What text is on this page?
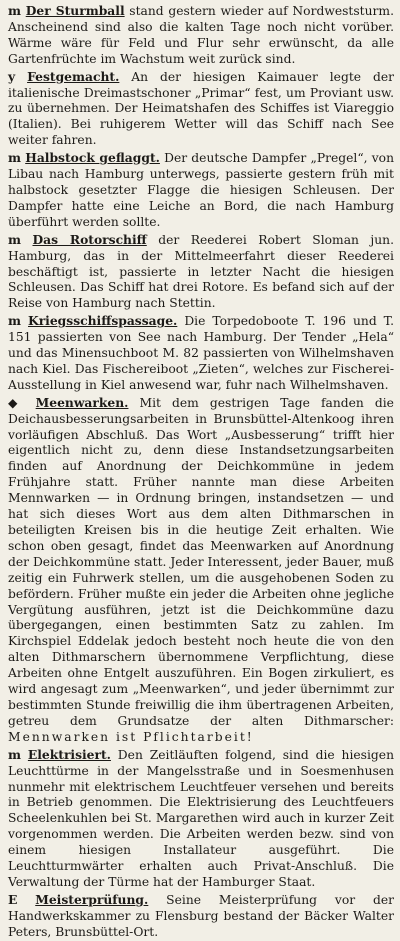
m Der Sturmball stand gestern wieder auf Nordweststurm. Anscheinend sind also die kalten Tage noch nicht vorüber. Wärme wäre für Feld und Flur sehr erwünscht, da alle Gartenfrüchte im Wachstum weit zurück sind.

y Festgemacht. An der hiesigen Kaimauer legte der italienische Dreimastschoner „Primar“ fest, um Proviant usw. zu übernehmen. Der Heimatshafen des Schiffes ist Viareggio (Italien). Bei ruhigerem Wetter will das Schiff nach See weiter fahren.

m Halbstock geflaggt. Der deutsche Dampfer „Pregel“, von Libau nach Hamburg unterwegs, passierte gestern früh mit halbstock gesetzter Flagge die hiesigen Schleusen. Der Dampfer hatte eine Leiche an Bord, die nach Hamburg überführt werden sollte.

m Das Rotorschiff der Reederei Robert Sloman jun. Hamburg, das in der Mittelmeerfahrt dieser Reederei beschäftigt ist, passierte in letzter Nacht die hiesigen Schleusen. Das Schiff hat drei Rotore. Es befand sich auf der Reise von Hamburg nach Stettin.

m Kriegsschiffspassage. Die Torpedoboote T. 196 und T. 151 passierten von See nach Hamburg. Der Tender „Hela“ und das Minensuchboot M. 82 passierten von Wilhelmshaven nach Kiel. Das Fischereiboot „Zieten“, welches zur Fischerei-Ausstellung in Kiel anwesend war, fuhr nach Wilhelmshaven.

◆ Meenwarken. Mit dem gestrigen Tage fanden die Deichausbesserungsarbeiten in Brunsbüttel-Altenkoog ihren vorläufigen Abschluß. Das Wort „Ausbesserung“ trifft hier eigentlich nicht zu, denn diese Instandsetzungsarbeiten finden auf Anordnung der Deichkommüne in jedem Frühjahre statt. Früher nannte man diese Arbeiten Mennwarken — in Ordnung bringen, instandsetzen — und hat sich dieses Wort aus dem alten Dithmarschen in beteiligten Kreisen bis in die heutige Zeit erhalten. Wie schon oben gesagt, findet das Meenwarken auf Anordnung der Deichkommüne statt. Jeder Interessent, jeder Bauer, muß zeitig ein Fuhrwerk stellen, um die ausgehobenen Soden zu befördern. Früher mußte ein jeder die Arbeiten ohne jegliche Vergütung ausführen, jetzt ist die Deichkommüne dazu übergegangen, einen bestimmten Satz zu zahlen. Im Kirchspiel Eddelak jedoch besteht noch heute die von den alten Dithmarschern übernommene Verpflichtung, diese Arbeiten ohne Entgelt auszuführen. Ein Bogen zirkuliert, es wird angesagt zum „Meenwarken“, und jeder übernimmt zur bestimmten Stunde freiwillig die ihm übertragenen Arbeiten, getreu dem Grundsatze der alten Dithmarscher: Mennwarken ist Pflichtarbeit!

m Elektrisiert. Den Zeitläuften folgend, sind die hiesigen Leuchttürme in der Mangelsstraße und in Soesmenhusen nunmehr mit elektrischem Leuchtfeuer versehen und bereits in Betrieb genommen. Die Elektrisierung des Leuchtfeuers Scheelenkuhlen bei St. Margarethen wird auch in kurzer Zeit vorgenommen werden. Die Arbeiten werden bezw. sind von einem hiesigen Installateur ausgeführt. Die Leuchtturmwärter erhalten auch Privat-Anschluß. Die Verwaltung der Türme hat der Hamburger Staat.

E Meisterprüfung. Seine Meisterprüfung vor der Handwerkskammer zu Flensburg bestand der Bäcker Walter Peters, Brunsbüttel-Ort.
